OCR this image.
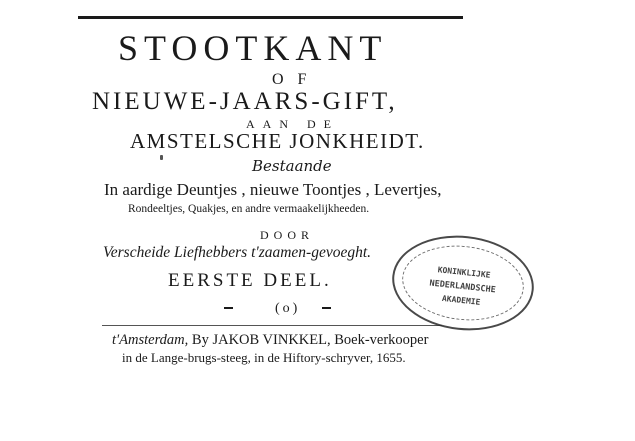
STOOTKANT
OF
NIEUWE-JAARS-GIFT,
AAN DE
AMSTELSCHE JONKHEIDT.
Bestaande
In aardige Deuntjes , nieuwe Toontjes , Levertjes,
Rondeeltjes, Quakjes, en andre vermaakelijkheeden.
DOOR
Verscheide Liefhebbers t'zaamen-gevoeght.
EERSTE DEEL.
(o)
t'Amsterdam, By JAKOB VINKKEL, Boek-verkooper
in de Lange-brugs-steeg, in de Hiftory-schryver, 1655.
KONINKLIJKE
NEDERLANDSCHE
AKADEMIE
